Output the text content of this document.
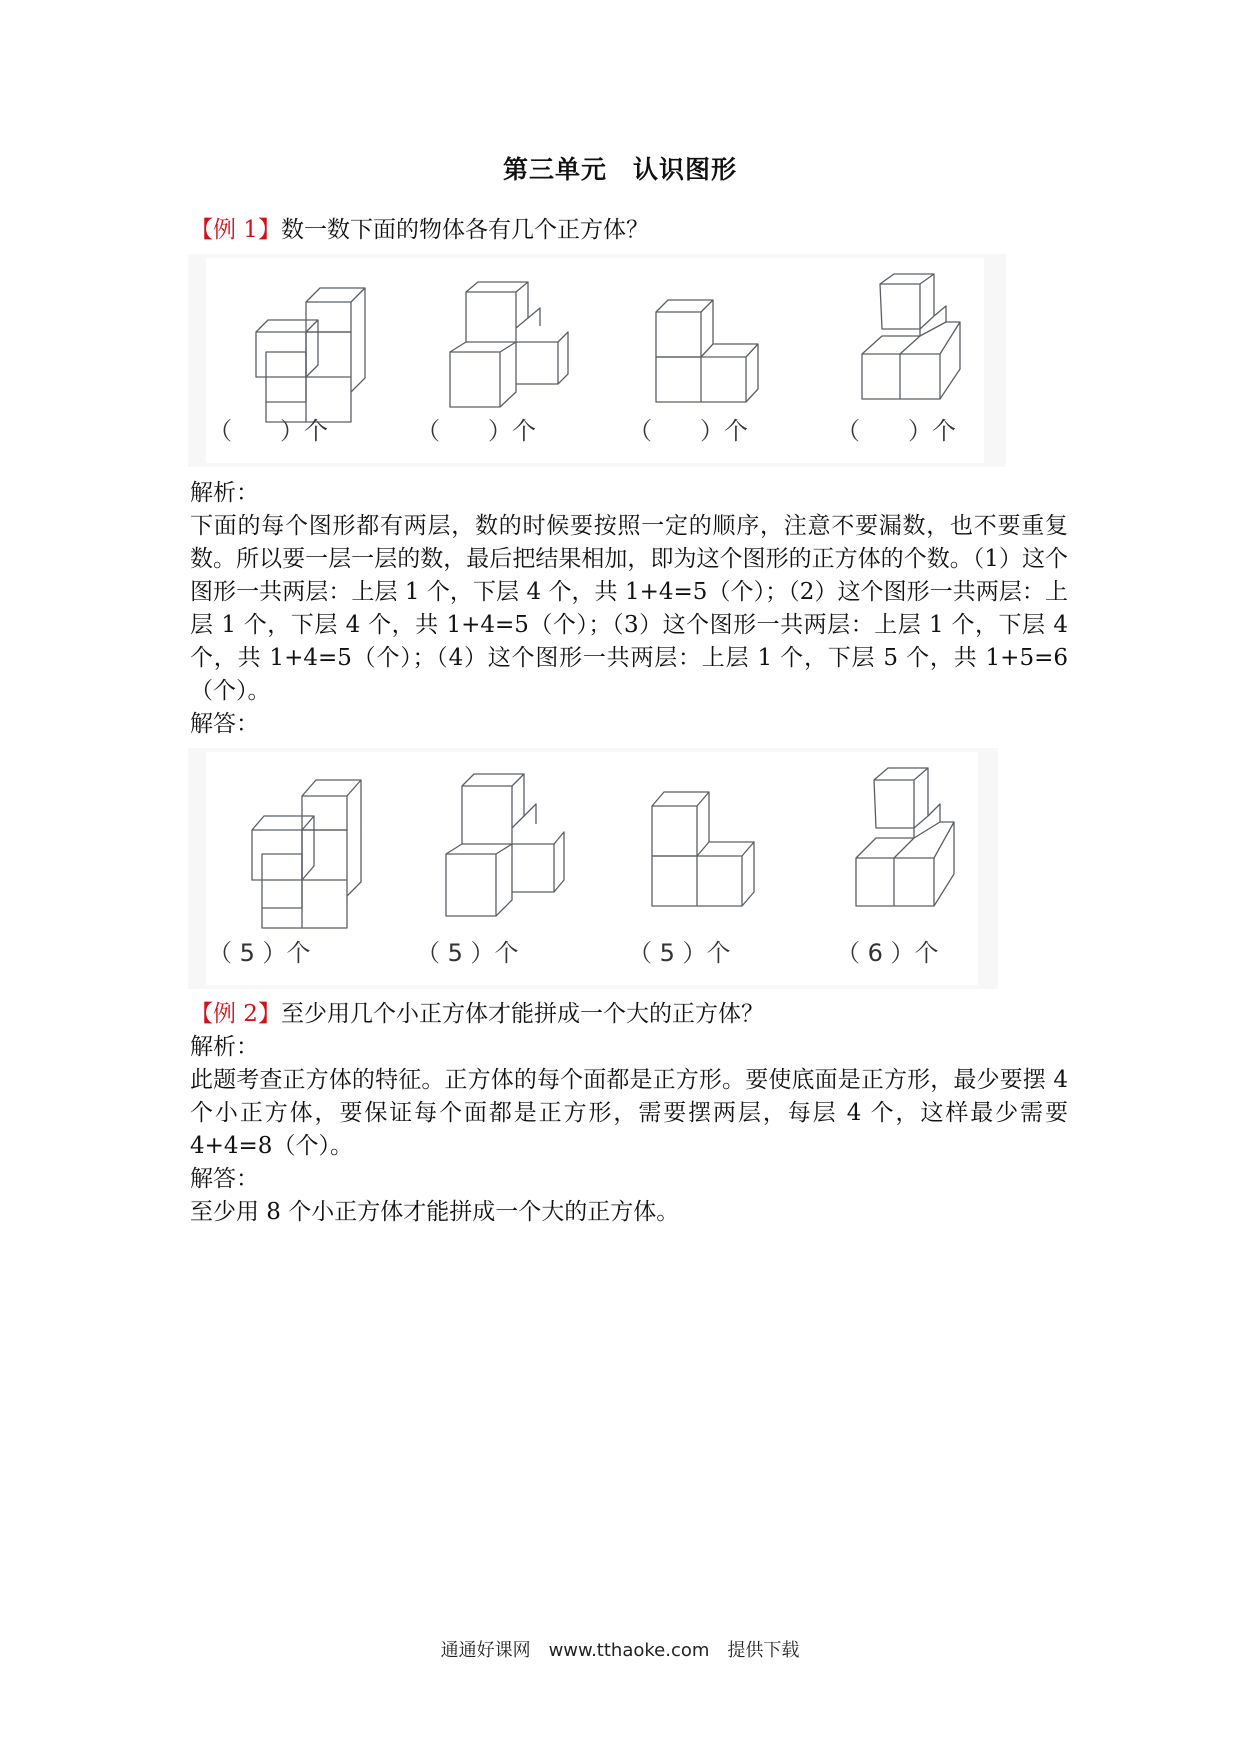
第三单元　认识图形
【例 1】数一数下面的物体各有几个正方体？
（　　）个	（　　）个	（　　）个	（　　）个
解析：
下面的每个图形都有两层，数的时候要按照一定的顺序，注意不要漏数，也不要重复数。所以要一层一层的数，最后把结果相加，即为这个图形的正方体的个数。（1）这个图形一共两层：上层 1 个，下层 4 个，共 1+4=5（个）；（2）这个图形一共两层：上层 1 个，下层 4 个，共 1+4=5（个）；（3）这个图形一共两层：上层 1 个，下层 4 个，共 1+4=5（个）；（4）这个图形一共两层：上层 1 个，下层 5 个，共 1+5=6（个）。
解答：
（ 5 ）个	（ 5 ）个	（ 5 ）个	（ 6 ）个
【例 2】至少用几个小正方体才能拼成一个大的正方体？
解析：
此题考查正方体的特征。正方体的每个面都是正方形。要使底面是正方形，最少要摆 4 个小正方体，要保证每个面都是正方形，需要摆两层，每层 4 个，这样最少需要 4+4=8（个）。
解答：
至少用 8 个小正方体才能拼成一个大的正方体。
通通好课网　www.tthaoke.com　提供下载
